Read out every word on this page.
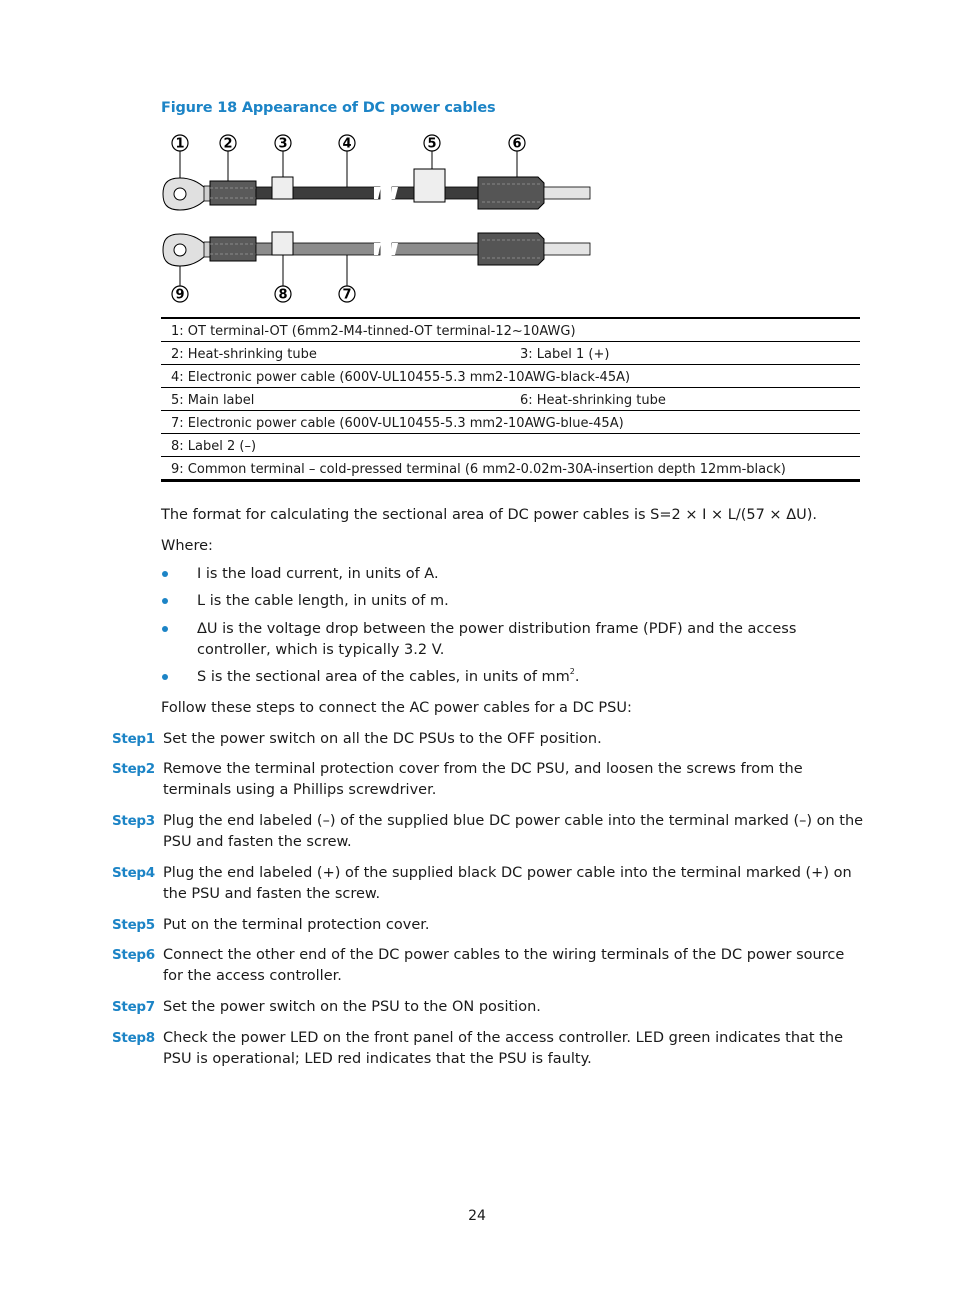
Figure 18 Appearance of DC power cables
1	2	3	4	5	6
9	8	7
1: OT terminal-OT (6mm2-M4-tinned-OT terminal-12~10AWG)
2: Heat-shrinking tube	3: Label 1 (+)
4: Electronic power cable (600V-UL10455-5.3 mm2-10AWG-black-45A)
5: Main label	6: Heat-shrinking tube
7: Electronic power cable (600V-UL10455-5.3 mm2-10AWG-blue-45A)
8: Label 2 (–)
9: Common terminal – cold-pressed terminal (6 mm2-0.02m-30A-insertion depth 12mm-black)
The format for calculating the sectional area of DC power cables is S=2 × I × L/(57 × ΔU).
Where:
I is the load current, in units of A.
L is the cable length, in units of m.
ΔU is the voltage drop between the power distribution frame (PDF) and the access controller, which is typically 3.2 V.
S is the sectional area of the cables, in units of $mm^2$.
Follow these steps to connect the AC power cables for a DC PSU:
Step1 Set the power switch on all the DC PSUs to the OFF position.
Step2 Remove the terminal protection cover from the DC PSU, and loosen the screws from the terminals using a Phillips screwdriver.
Step3 Plug the end labeled (–) of the supplied blue DC power cable into the terminal marked (–) on the PSU and fasten the screw.
Step4 Plug the end labeled (+) of the supplied black DC power cable into the terminal marked (+) on the PSU and fasten the screw.
Step5 Put on the terminal protection cover.
Step6 Connect the other end of the DC power cables to the wiring terminals of the DC power source for the access controller.
Step7 Set the power switch on the PSU to the ON position.
Step8 Check the power LED on the front panel of the access controller. LED green indicates that the PSU is operational; LED red indicates that the PSU is faulty.
24
